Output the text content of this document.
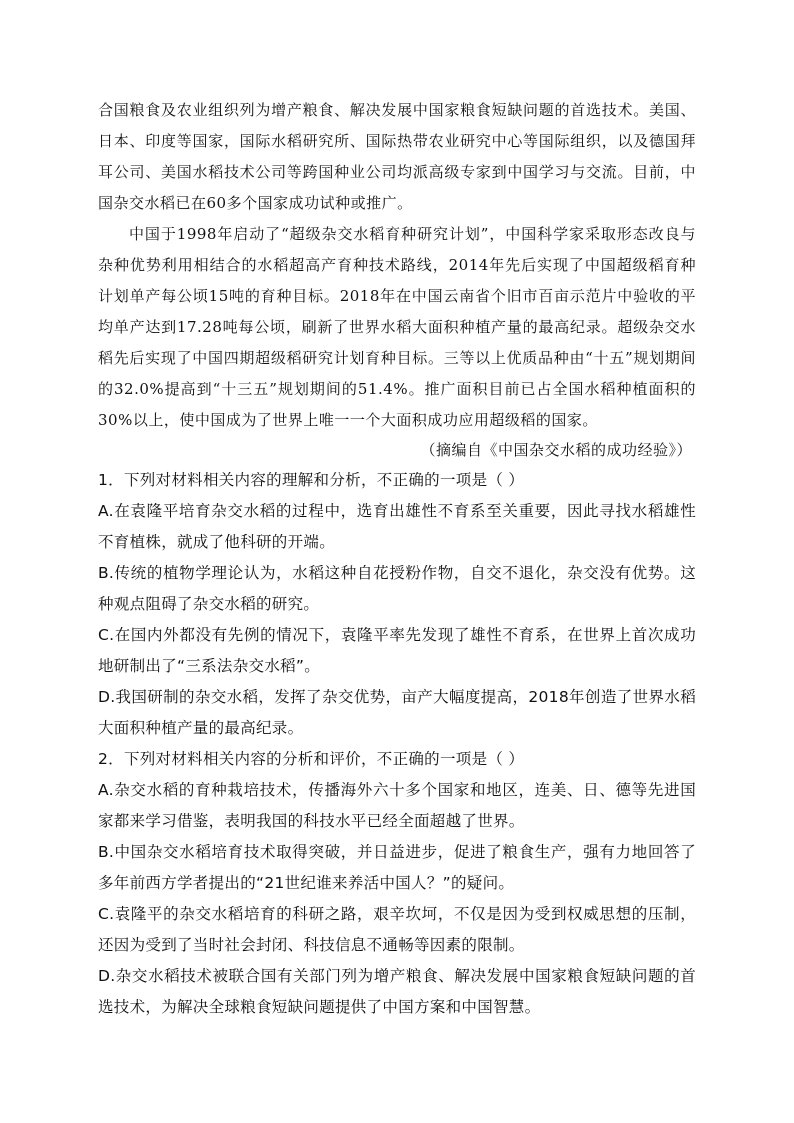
合国粮食及农业组织列为增产粮食、解决发展中国家粮食短缺问题的首选技术。美国、日本、印度等国家，国际水稻研究所、国际热带农业研究中心等国际组织，以及德国拜耳公司、美国水稻技术公司等跨国种业公司均派高级专家到中国学习与交流。目前，中国杂交水稻已在60多个国家成功试种或推广。

中国于1998年启动了“超级杂交水稻育种研究计划”，中国科学家采取形态改良与杂种优势利用相结合的水稻超高产育种技术路线，2014年先后实现了中国超级稻育种计划单产每公顷15吨的育种目标。2018年在中国云南省个旧市百亩示范片中验收的平均单产达到17.28吨每公顷，刷新了世界水稻大面积种植产量的最高纪录。超级杂交水稻先后实现了中国四期超级稻研究计划育种目标。三等以上优质品种由“十五”规划期间的32.0%提高到“十三五”规划期间的51.4%。推广面积目前已占全国水稻种植面积的30%以上，使中国成为了世界上唯一一个大面积成功应用超级稻的国家。

（摘编自《中国杂交水稻的成功经验》）

1．下列对材料相关内容的理解和分析，不正确的一项是（ ）

A.在袁隆平培育杂交水稻的过程中，选育出雄性不育系至关重要，因此寻找水稻雄性不育植株，就成了他科研的开端。

B.传统的植物学理论认为，水稻这种自花授粉作物，自交不退化，杂交没有优势。这种观点阻碍了杂交水稻的研究。

C.在国内外都没有先例的情况下，袁隆平率先发现了雄性不育系，在世界上首次成功地研制出了“三系法杂交水稻”。

D.我国研制的杂交水稻，发挥了杂交优势，亩产大幅度提高，2018年创造了世界水稻大面积种植产量的最高纪录。

2．下列对材料相关内容的分析和评价，不正确的一项是（ ）

A.杂交水稻的育种栽培技术，传播海外六十多个国家和地区，连美、日、德等先进国家都来学习借鉴，表明我国的科技水平已经全面超越了世界。

B.中国杂交水稻培育技术取得突破，并日益进步，促进了粮食生产，强有力地回答了多年前西方学者提出的“21世纪谁来养活中国人？”的疑问。

C.袁隆平的杂交水稻培育的科研之路，艰辛坎坷，不仅是因为受到权威思想的压制，还因为受到了当时社会封闭、科技信息不通畅等因素的限制。

D.杂交水稻技术被联合国有关部门列为增产粮食、解决发展中国家粮食短缺问题的首选技术，为解决全球粮食短缺问题提供了中国方案和中国智慧。
